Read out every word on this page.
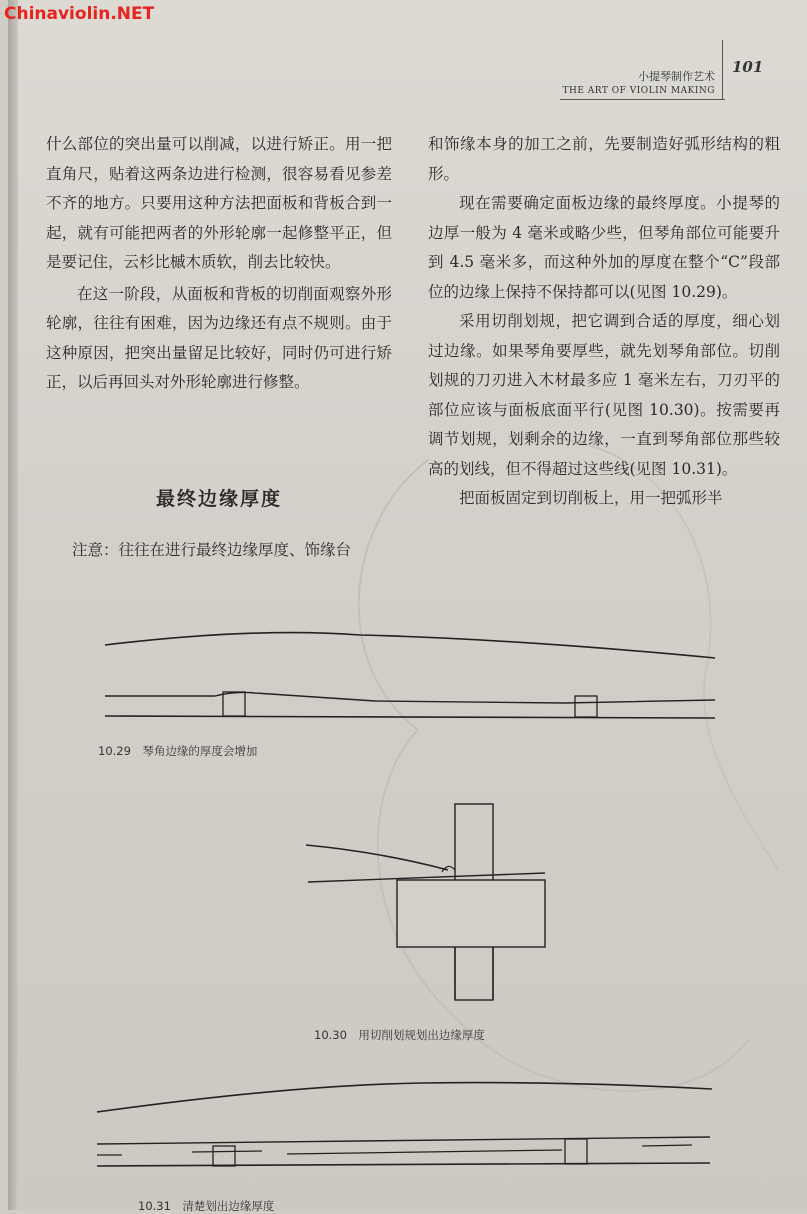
Chinaviolin.NET
小提琴制作艺术
THE ART OF VIOLIN MAKING
101

什么部位的突出量可以削减，以进行矫正。用一把直角尺，贴着这两条边进行检测，很容易看见参差不齐的地方。只要用这种方法把面板和背板合到一起，就有可能把两者的外形轮廓一起修整平正，但是要记住，云杉比槭木质软，削去比较快。

在这一阶段，从面板和背板的切削面观察外形轮廓，往往有困难，因为边缘还有点不规则。由于这种原因，把突出量留足比较好，同时仍可进行矫正，以后再回头对外形轮廓进行修整。

最终边缘厚度
注意：往往在进行最终边缘厚度、饰缘台

和饰缘本身的加工之前，先要制造好弧形结构的粗形。

现在需要确定面板边缘的最终厚度。小提琴的边厚一般为 4 毫米或略少些，但琴角部位可能要升到 4.5 毫米多，而这种外加的厚度在整个“C”段部位的边缘上保持不保持都可以(见图 10.29)。

采用切削划规，把它调到合适的厚度，细心划过边缘。如果琴角要厚些，就先划琴角部位。切削划规的刀刃进入木材最多应 1 毫米左右，刀刃平的部位应该与面板底面平行(见图 10.30)。按需要再调节划规，划剩余的边缘，一直到琴角部位那些较高的划线，但不得超过这些线(见图 10.31)。

把面板固定到切削板上，用一把弧形半

10.29　琴角边缘的厚度会增加
10.30　用切削划规划出边缘厚度
10.31　清楚划出边缘厚度
